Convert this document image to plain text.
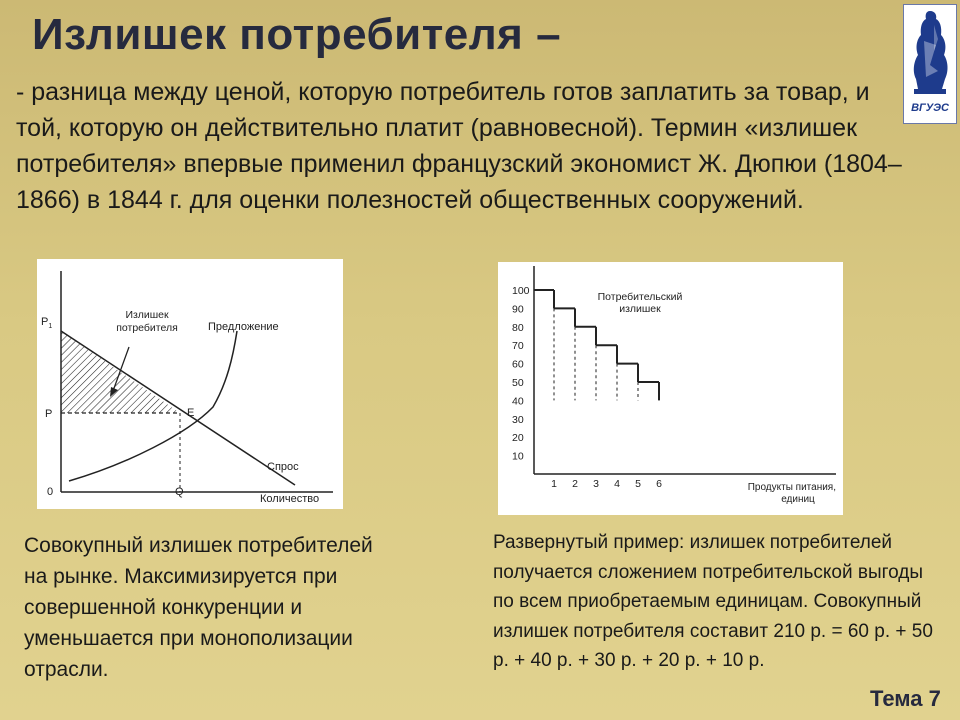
Излишек потребителя –

- разница между ценой, которую потребитель готов заплатить за товар, и той, которую он действительно платит (равновесной). Термин «излишек потребителя» впервые применил французский экономист Ж. Дюпюи (1804–1866) в 1844 г. для оценки полезностей общественных сооружений.

ВГУЭС
$P_1$
P
0	Q
E
Излишек
потребителя	Предложение
Спрос
Количество
100
90
80
70
60
50
40
30
20
10
1 2 3 4 5 6
Потребительский
излишек
Продукты питания,
единиц

Совокупный излишек потребителей на рынке. Максимизируется при совершенной конкуренции и уменьшается при монополизации отрасли.

Развернутый пример: излишек потребителей получается сложением потребительской выгоды по всем приобретаемым единицам. Совокупный излишек потребителя составит 210 р. = 60 р. + 50 р. + 40 р. + 30 р. + 20 р. + 10 р.

Тема 7
